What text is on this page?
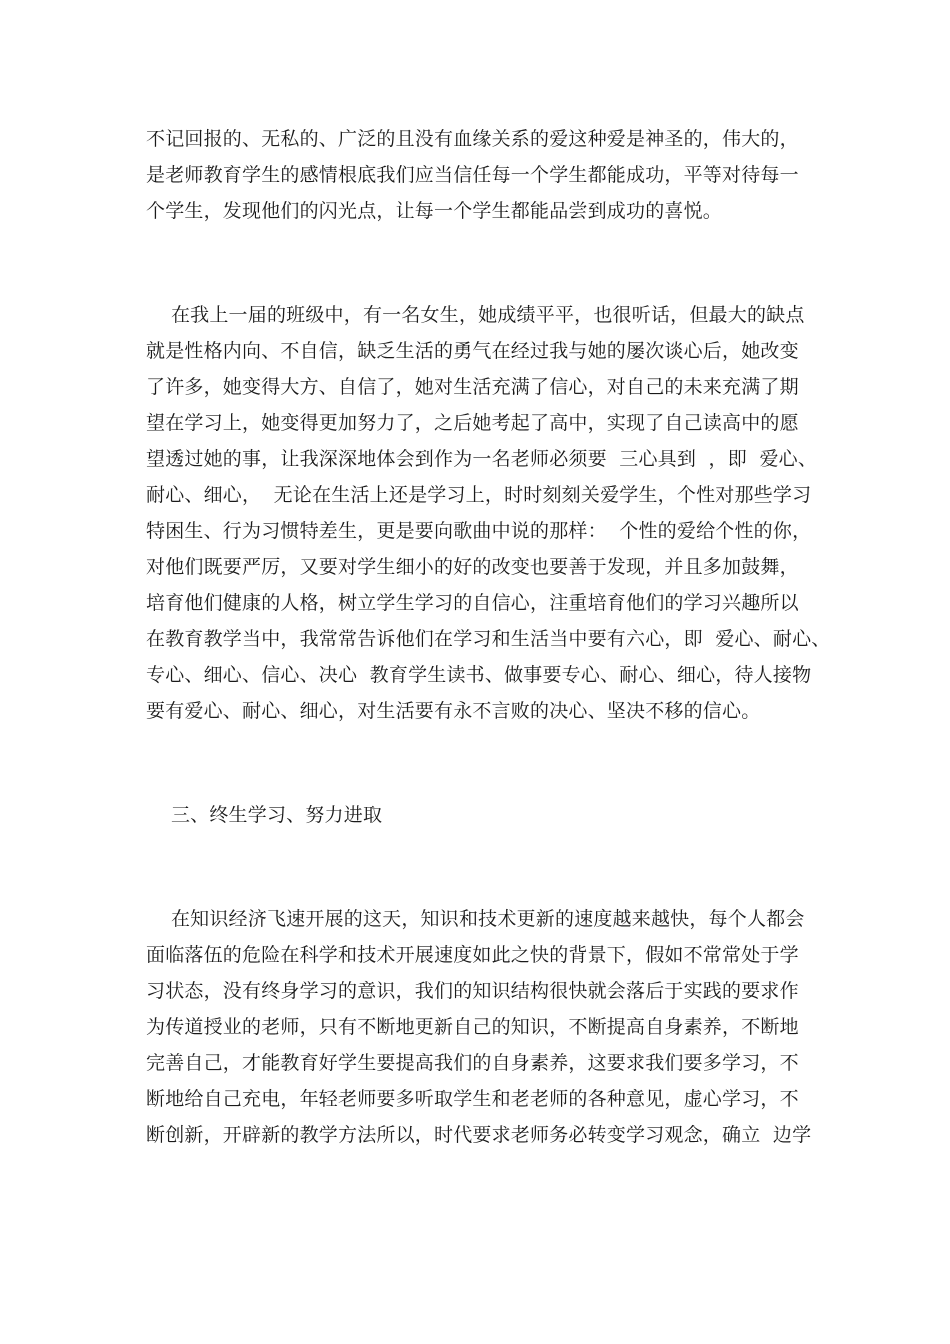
不记回报的、无私的、广泛的且没有血缘关系的爱这种爱是神圣的，伟大的，
是老师教育学生的感情根底我们应当信任每一个学生都能成功，平等对待每一
个学生，发现他们的闪光点，让每一个学生都能品尝到成功的喜悦。
在我上一届的班级中，有一名女生，她成绩平平，也很听话，但最大的缺点
就是性格内向、不自信，缺乏生活的勇气在经过我与她的屡次谈心后，她改变
了许多，她变得大方、自信了，她对生活充满了信心，对自己的未来充满了期
望在学习上，她变得更加努力了，之后她考起了高中，实现了自己读高中的愿
望透过她的事，让我深深地体会到作为一名老师必须要  三心具到  ，即  爱心、
耐心、细心，  无论在生活上还是学习上，时时刻刻关爱学生，个性对那些学习
特困生、行为习惯特差生，更是要向歌曲中说的那样：  个性的爱给个性的你，
对他们既要严厉，又要对学生细小的好的改变也要善于发现，并且多加鼓舞，
培育他们健康的人格，树立学生学习的自信心，注重培育他们的学习兴趣所以
在教育教学当中，我常常告诉他们在学习和生活当中要有六心，即  爱心、耐心、
专心、细心、信心、决心  教育学生读书、做事要专心、耐心、细心，待人接物
要有爱心、耐心、细心，对生活要有永不言败的决心、坚决不移的信心。
三、终生学习、努力进取
在知识经济飞速开展的这天，知识和技术更新的速度越来越快，每个人都会
面临落伍的危险在科学和技术开展速度如此之快的背景下，假如不常常处于学
习状态，没有终身学习的意识，我们的知识结构很快就会落后于实践的要求作
为传道授业的老师，只有不断地更新自己的知识，不断提高自身素养，不断地
完善自己，才能教育好学生要提高我们的自身素养，这要求我们要多学习，不
断地给自己充电，年轻老师要多听取学生和老老师的各种意见，虚心学习，不
断创新，开辟新的教学方法所以，时代要求老师务必转变学习观念，确立  边学
